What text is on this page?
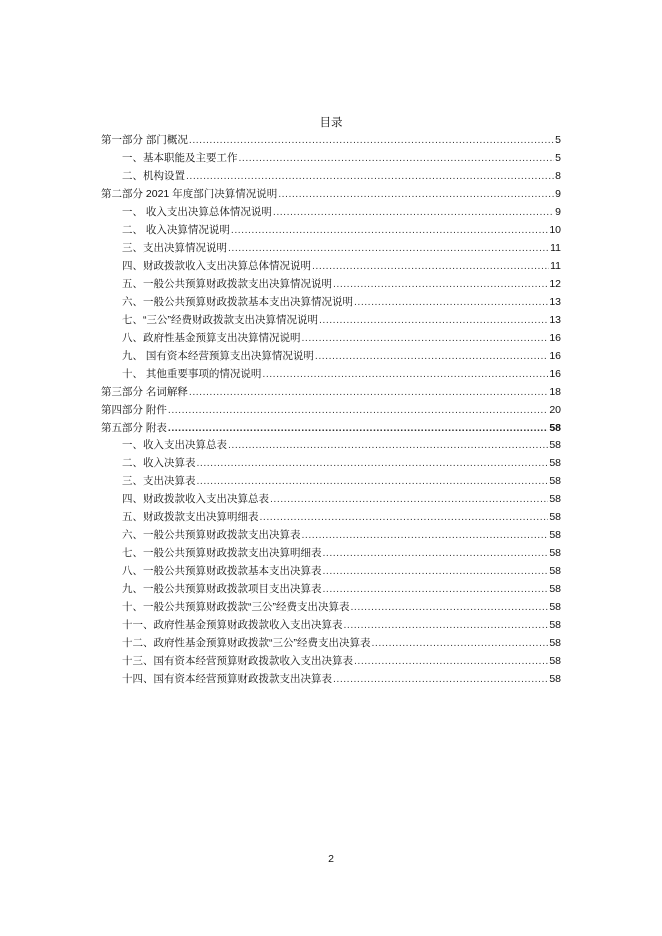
目录
第一部分 部门概况 .....	5
一、基本职能及主要工作 .....	5
二、机构设置 .....	8
第二部分 2021 年度部门决算情况说明 .....	9
一、 收入支出决算总体情况说明 .....	9
二、 收入决算情况说明 .....	10
三、支出决算情况说明 .....	11
四、财政拨款收入支出决算总体情况说明 .....	11
五、一般公共预算财政拨款支出决算情况说明 .....	12
六、一般公共预算财政拨款基本支出决算情况说明 .....	13
七、“三公”经费财政拨款支出决算情况说明 .....	13
八、政府性基金预算支出决算情况说明 .....	16
九、 国有资本经营预算支出决算情况说明 .....	16
十、 其他重要事项的情况说明 .....	16
第三部分 名词解释 .....	18
第四部分 附件 .....	20
第五部分 附表 .....	58
一、收入支出决算总表 .....	58
二、收入决算表 .....	58
三、支出决算表 .....	58
四、财政拨款收入支出决算总表 .....	58
五、财政拨款支出决算明细表 .....	58
六、一般公共预算财政拨款支出决算表 .....	58
七、一般公共预算财政拨款支出决算明细表 .....	58
八、一般公共预算财政拨款基本支出决算表 .....	58
九、一般公共预算财政拨款项目支出决算表 .....	58
十、一般公共预算财政拨款“三公”经费支出决算表 .....	58
十一、政府性基金预算财政拨款收入支出决算表 .....	58
十二、政府性基金预算财政拨款“三公”经费支出决算表 .....	58
十三、国有资本经营预算财政拨款收入支出决算表 .....	58
十四、国有资本经营预算财政拨款支出决算表 .....	58
2
